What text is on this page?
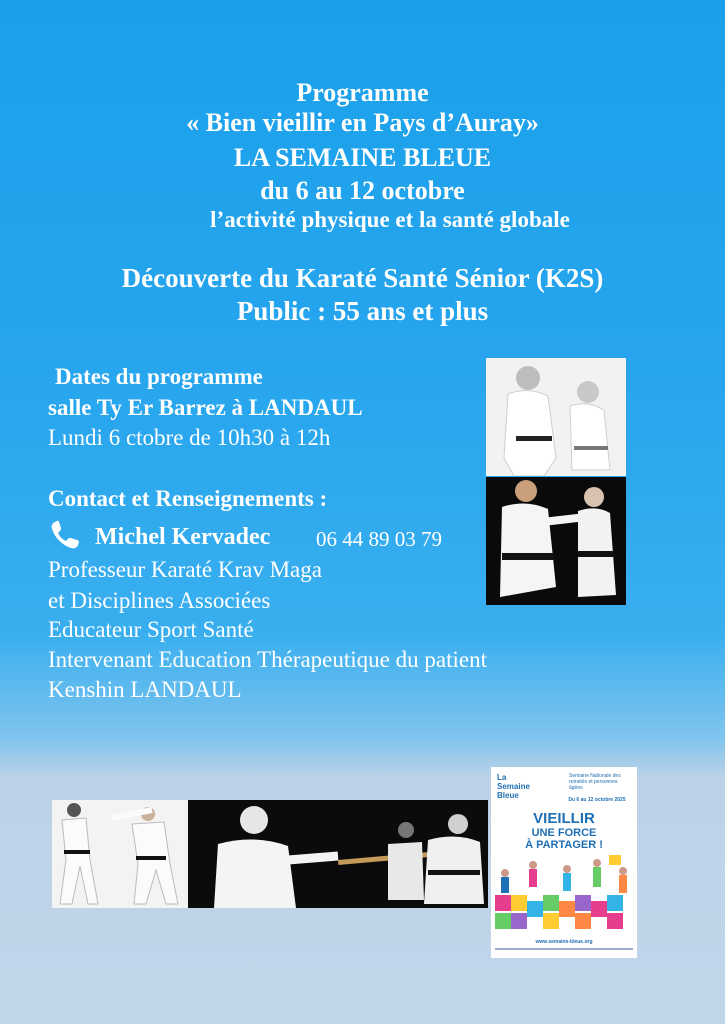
Programme
« Bien vieillir en Pays d’Auray»
LA SEMAINE BLEUE
du 6 au 12 octobre
l’activité physique et la santé globale
Découverte du Karaté Santé Sénior (K2S)
Public : 55 ans et plus
Dates du programme
salle Ty Er Barrez à LANDAUL
Lundi 6 ctobre de 10h30 à 12h
Contact et Renseignements :
Michel Kervadec 06 44 89 03 79
Professeur Karaté Krav Maga
et Disciplines Associées
Educateur Sport Santé
Intervenant Education Thérapeutique du patient
Kenshin LANDAUL
La Semaine Bleue
Semaine Nationale des retraités et personnes âgées
Du 6 au 12 octobre 2025
VIEILLIR
UNE FORCE
À PARTAGER !
www.semaine-bleue.org
